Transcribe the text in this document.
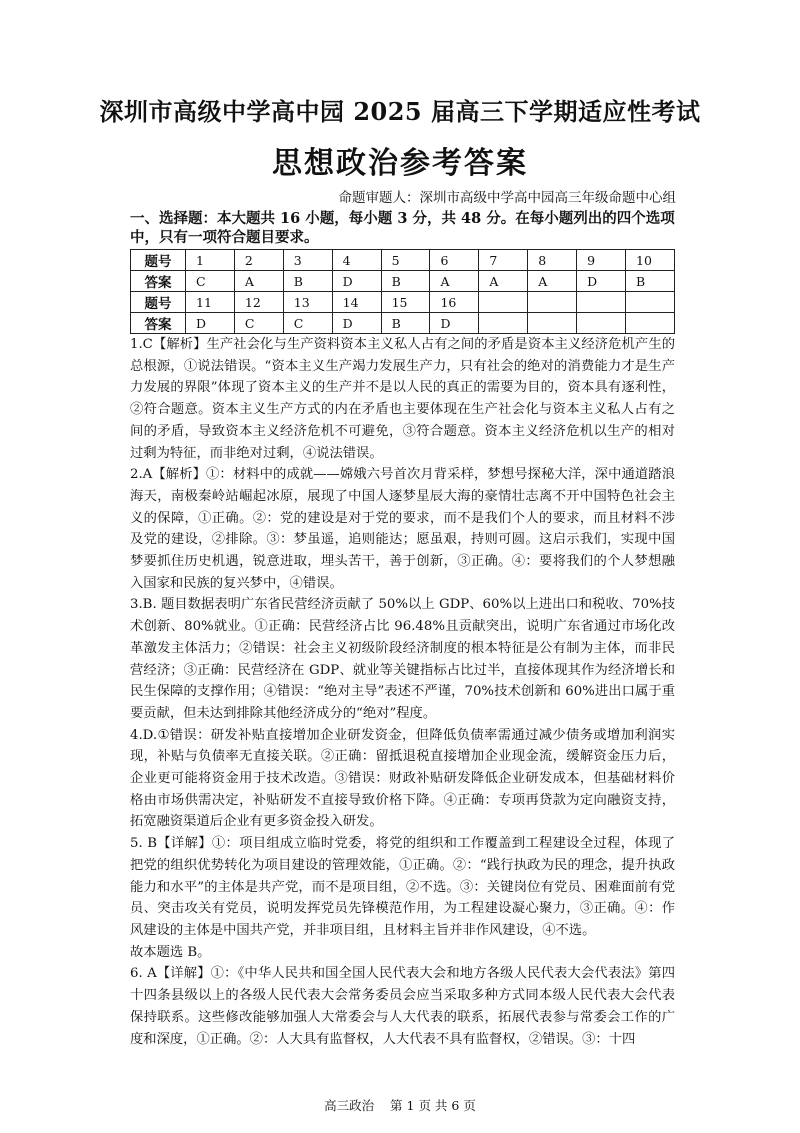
深圳市高级中学高中园 2025 届高三下学期适应性考试
思想政治参考答案
命题审题人：深圳市高级中学高中园高三年级命题中心组
一、选择题：本大题共 16 小题，每小题 3 分，共 48 分。在每小题列出的四个选项中，只有一项符合题目要求。
题号	1	2	3	4	5	6	7	8	9	10
答案	C	A	B	D	B	A	A	A	D	B
题号	11	12	13	14	15	16				
答案	D	C	C	D	B	D				

1.C【解析】生产社会化与生产资料资本主义私人占有之间的矛盾是资本主义经济危机产生的总根源，①说法错误。“资本主义生产竭力发展生产力，只有社会的绝对的消费能力才是生产力发展的界限”体现了资本主义的生产并不是以人民的真正的需要为目的，资本具有逐利性，②符合题意。资本主义生产方式的内在矛盾也主要体现在生产社会化与资本主义私人占有之间的矛盾，导致资本主义经济危机不可避免，③符合题意。资本主义经济危机以生产的相对过剩为特征，而非绝对过剩，④说法错误。

2.A【解析】①：材料中的成就——嫦娥六号首次月背采样，梦想号探秘大洋，深中通道踏浪海天，南极秦岭站崛起冰原，展现了中国人逐梦星辰大海的豪情壮志离不开中国特色社会主义的保障，①正确。②：党的建设是对于党的要求，而不是我们个人的要求，而且材料不涉及党的建设，②排除。③：梦虽遥，追则能达；愿虽艰，持则可圆。这启示我们，实现中国梦要抓住历史机遇，锐意进取，埋头苦干，善于创新，③正确。④：要将我们的个人梦想融入国家和民族的复兴梦中，④错误。

3.B. 题目数据表明广东省民营经济贡献了 50%以上 GDP、60%以上进出口和税收、70%技术创新、80%就业。①正确：民营经济占比 96.48%且贡献突出，说明广东省通过市场化改革激发主体活力；②错误：社会主义初级阶段经济制度的根本特征是公有制为主体，而非民营经济；③正确：民营经济在 GDP、就业等关键指标占比过半，直接体现其作为经济增长和民生保障的支撑作用；④错误：“绝对主导”表述不严谨，70%技术创新和 60%进出口属于重要贡献，但未达到排除其他经济成分的“绝对”程度。

4.D.①错误：研发补贴直接增加企业研发资金，但降低负债率需通过减少债务或增加利润实现，补贴与负债率无直接关联。②正确：留抵退税直接增加企业现金流，缓解资金压力后，企业更可能将资金用于技术改造。③错误：财政补贴研发降低企业研发成本，但基础材料价格由市场供需决定，补贴研发不直接导致价格下降。④正确：专项再贷款为定向融资支持，拓宽融资渠道后企业有更多资金投入研发。

5. B【详解】①：项目组成立临时党委，将党的组织和工作覆盖到工程建设全过程，体现了把党的组织优势转化为项目建设的管理效能，①正确。②：“践行执政为民的理念，提升执政能力和水平”的主体是共产党，而不是项目组，②不选。③：关键岗位有党员、困难面前有党员、突击攻关有党员，说明发挥党员先锋模范作用，为工程建设凝心聚力，③正确。④：作风建设的主体是中国共产党，并非项目组，且材料主旨并非作风建设，④不选。

故本题选 B。

6. A【详解】①：《中华人民共和国全国人民代表大会和地方各级人民代表大会代表法》第四十四条县级以上的各级人民代表大会常务委员会应当采取多种方式同本级人民代表大会代表保持联系。这些修改能够加强人大常委会与人大代表的联系，拓展代表参与常委会工作的广度和深度，①正确。②：人大具有监督权，人大代表不具有监督权，②错误。③：十四

高三政治    第 1 页 共 6 页
